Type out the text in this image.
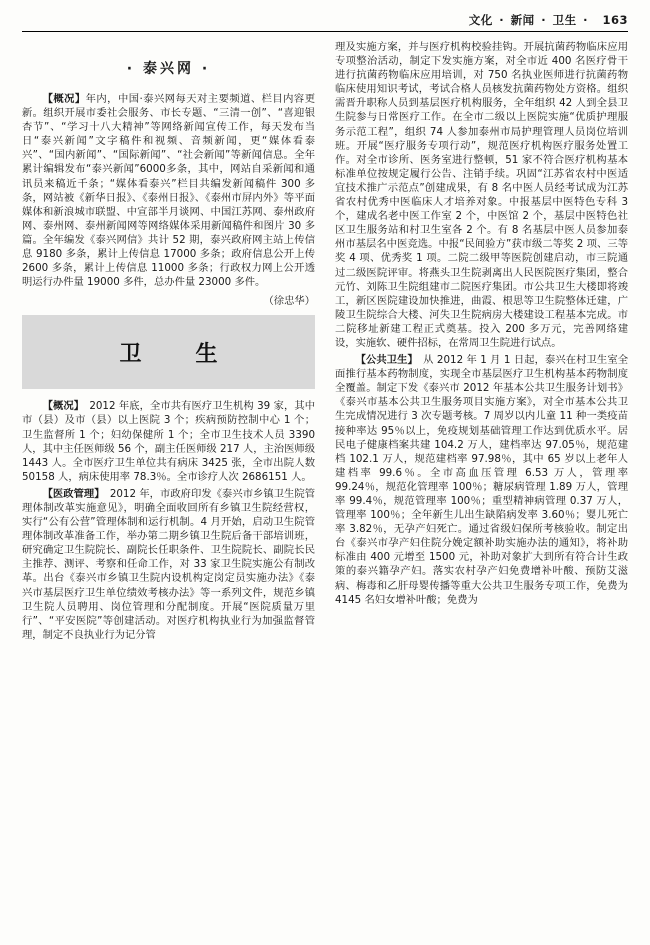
文化 · 新闻 · 卫生 · 163
· 泰兴网 ·

【概况】年内，中国·泰兴网每天对主要频道、栏目内容更新。组织开展市委社会服务、市长专题、“三清一创”、“喜迎银杏节”、“学习十八大精神”等网络新闻宣传工作，每天发布当日“泰兴新闻”文字稿件和视频、音频新闻，更“媒体看泰兴”、“国内新闻”、“国际新闻”、“社会新闻”等新闻信息。全年累计编辑发布“泰兴新闻”6000多条，其中，网站自采新闻和通讯员来稿近千条；“媒体看泰兴”栏目共编发新闻稿件 300 多条，网站被《新华日报》、《泰州日报》、《泰州市屏内外》等平面媒体和新浪城市联盟、中宣部半月谈网、中国江苏网、泰州政府网、泰州网、泰州新闻网等网络媒体采用新闻稿件和图片 30 多篇。全年编发《泰兴网信》共计 52 期，泰兴政府网主站上传信息 9180 多条，累计上传信息 17000 多条；政府信息公开上传 2600 多条，累计上传信息 11000 多条；行政权力网上公开透明运行办件量 19000 多件，总办件量 23000 多件。

（徐忠华）
卫　生

【概况】　 2012 年底，全市共有医疗卫生机构 39 家，其中市（县）及市（县）以上医院 3 个；疾病预防控制中心 1 个；卫生监督所 1 个；妇幼保健所 1 个；全市卫生技术人员 3390 人，其中主任医师级 56 个，副主任医师级 217 人，主治医师级 1443 人。全市医疗卫生单位共有病床 3425 张，全市出院人数 50158 人，病床使用率 78.3％。全市诊疗人次 2686151 人。

【医政管理】　 2012 年，市政府印发《泰兴市乡镇卫生院管理体制改革实施意见》，明确全面收回所有乡镇卫生院经营权，实行“公有公营”管理体制和运行机制。4 月开始，启动卫生院管理体制改革准备工作，举办第二期乡镇卫生院后备干部培训班，研究确定卫生院院长、副院长任职条件、卫生院院长、副院长民主推荐、测评、考察和任命工作，对 33 家卫生院实施公有制改革。出台《泰兴市乡镇卫生院内设机构定岗定员实施办法》《泰兴市基层医疗卫生单位绩效考核办法》等一系列文件，规范乡镇卫生院人员聘用、岗位管理和分配制度。开展“医院质量万里行”、“平安医院”等创建活动。对医疗机构执业行为加强监督管理，制定不良执业行为记分管

理及实施方案，并与医疗机构校验挂钩。开展抗菌药物临床应用专项整治活动，制定下发实施方案，对全市近 400 名医疗骨干进行抗菌药物临床应用培训，对 750 名执业医师进行抗菌药物临床使用知识考试，考试合格人员核发抗菌药物处方资格。组织需晋升职称人员到基层医疗机构服务，全年组织 42 人到全县卫生院参与日常医疗工作。在全市二级以上医院实施“优质护理服务示范工程”，组织 74 人参加泰州市局护理管理人员岗位培训班。开展“医疗服务专项行动”，规范医疗机构医疗服务处置工作。对全市诊所、医务室进行整顿，51 家不符合医疗机构基本标准单位按规定履行公告、注销手续。巩固“江苏省农村中医适宜技术推广示范点”创建成果，有 8 名中医人员经考试成为江苏省农村优秀中医临床人才培养对象。中报基层中医特色专科 3 个，建成名老中医工作室 2 个，中医馆 2 个，基层中医特色社区卫生服务站和村卫生室各 2 个。有 8 名基层中医人员参加泰州市基层名中医竞选。中报“民间验方”获市级二等奖 2 项、三等奖 4 项、优秀奖 1 项。二院二级甲等医院创建启动，市三院通过二级医院评审。将燕头卫生院剥离出人民医院医疗集团，整合元竹、刘陈卫生院组建市二院医疗集团。市公共卫生大楼即将竣工，新区医院建设加快推进，曲霞、根思等卫生院整体迁建，广陵卫生院综合大楼、河失卫生院病房大楼建设工程基本完成。市二院移址新建工程正式奠基。投入 200 多万元，完善网络建设，实施软、硬件招标，在常周卫生院进行试点。

【公共卫生】　 从 2012 年 1 月 1 日起，泰兴在村卫生室全面推行基本药物制度，实现全市基层医疗卫生机构基本药物制度全覆盖。制定下发《泰兴市 2012 年基本公共卫生服务计划书》《泰兴市基本公共卫生服务项目实施方案》，对全市基本公共卫生完成情况进行 3 次专题考核。7 周岁以内儿童 11 种一类疫苗接种率达 95％以上，免疫规划基础管理工作达到优质水平。居民电子健康档案共建 104.2 万人，建档率达 97.05％，规范建档 102.1 万人，规范建档率 97.98％，其中 65 岁以上老年人建档率 99.6％。全市高血压管理 6.53 万人，管理率 99.24％，规范化管理率 100％；糖尿病管理 1.89 万人，管理率 99.4％，规范管理率 100％；重型精神病管理 0.37 万人，管理率 100％；全年新生儿出生缺陷病发率 3.60％；婴儿死亡率 3.82％，无孕产妇死亡。通过省级妇保所考核验收。制定出台《泰兴市孕产妇住院分娩定额补助实施办法的通知》，将补助标准由 400 元增至 1500 元，补助对象扩大到所有符合计生政策的泰兴籍孕产妇。落实农村孕产妇免费增补叶酸、预防艾滋病、梅毒和乙肝母婴传播等重大公共卫生服务专项工作，免费为 4145 名妇女增补叶酸；免费为
